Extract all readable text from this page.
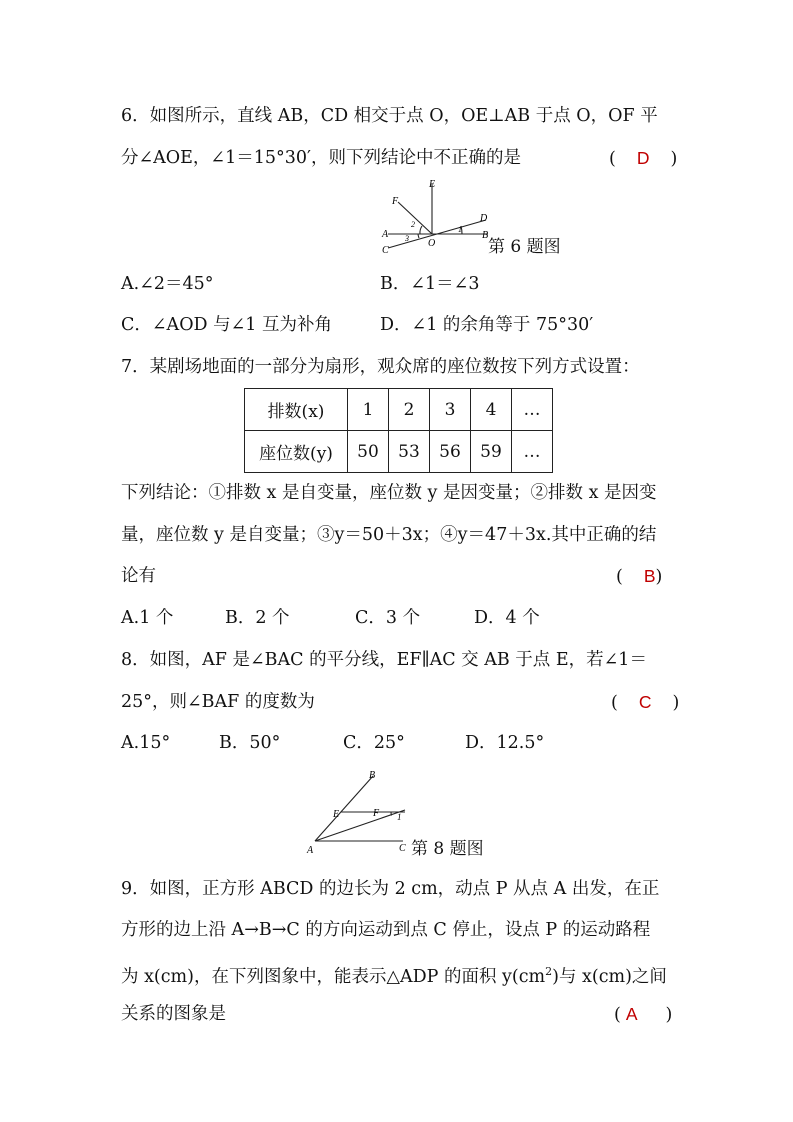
6．如图所示，直线 AB，CD 相交于点 O，OE⊥AB 于点 O，OF 平
分∠AOE，∠1＝15°30′，则下列结论中不正确的是	( D )
A
C
B
D
E
F
O
1
2
3	第 6 题图
A.∠2＝45°	B．∠1＝∠3
C．∠AOD 与∠1 互为补角	D．∠1 的余角等于 75°30′
7．某剧场地面的一部分为扇形，观众席的座位数按下列方式设置：
排数(x)	1	2	3	4	…
座位数(y)	50	53	56	59	…
下列结论：①排数 x 是自变量，座位数 y 是因变量；②排数 x 是因变
量，座位数 y 是自变量；③y＝50＋3x；④y＝47＋3x.其中正确的结
论有	( B)
A.1 个	B．2 个	C．3 个	D．4 个
8．如图，AF 是∠BAC 的平分线，EF∥AC 交 AB 于点 E，若∠1＝
25°，则∠BAF 的度数为	( C )
A.15°	B．50°	C．25°	D．12.5°
A
B
C
E	F 1
第 8 题图
9．如图，正方形 ABCD 的边长为 2 cm，动点 P 从点 A 出发，在正
方形的边上沿 A→B→C 的方向运动到点 C 停止，设点 P 的运动路程
为 x(cm)，在下列图象中，能表示△ADP 的面积 $y(cm^2)$与 x(cm)之间
关系的图象是	( A )
